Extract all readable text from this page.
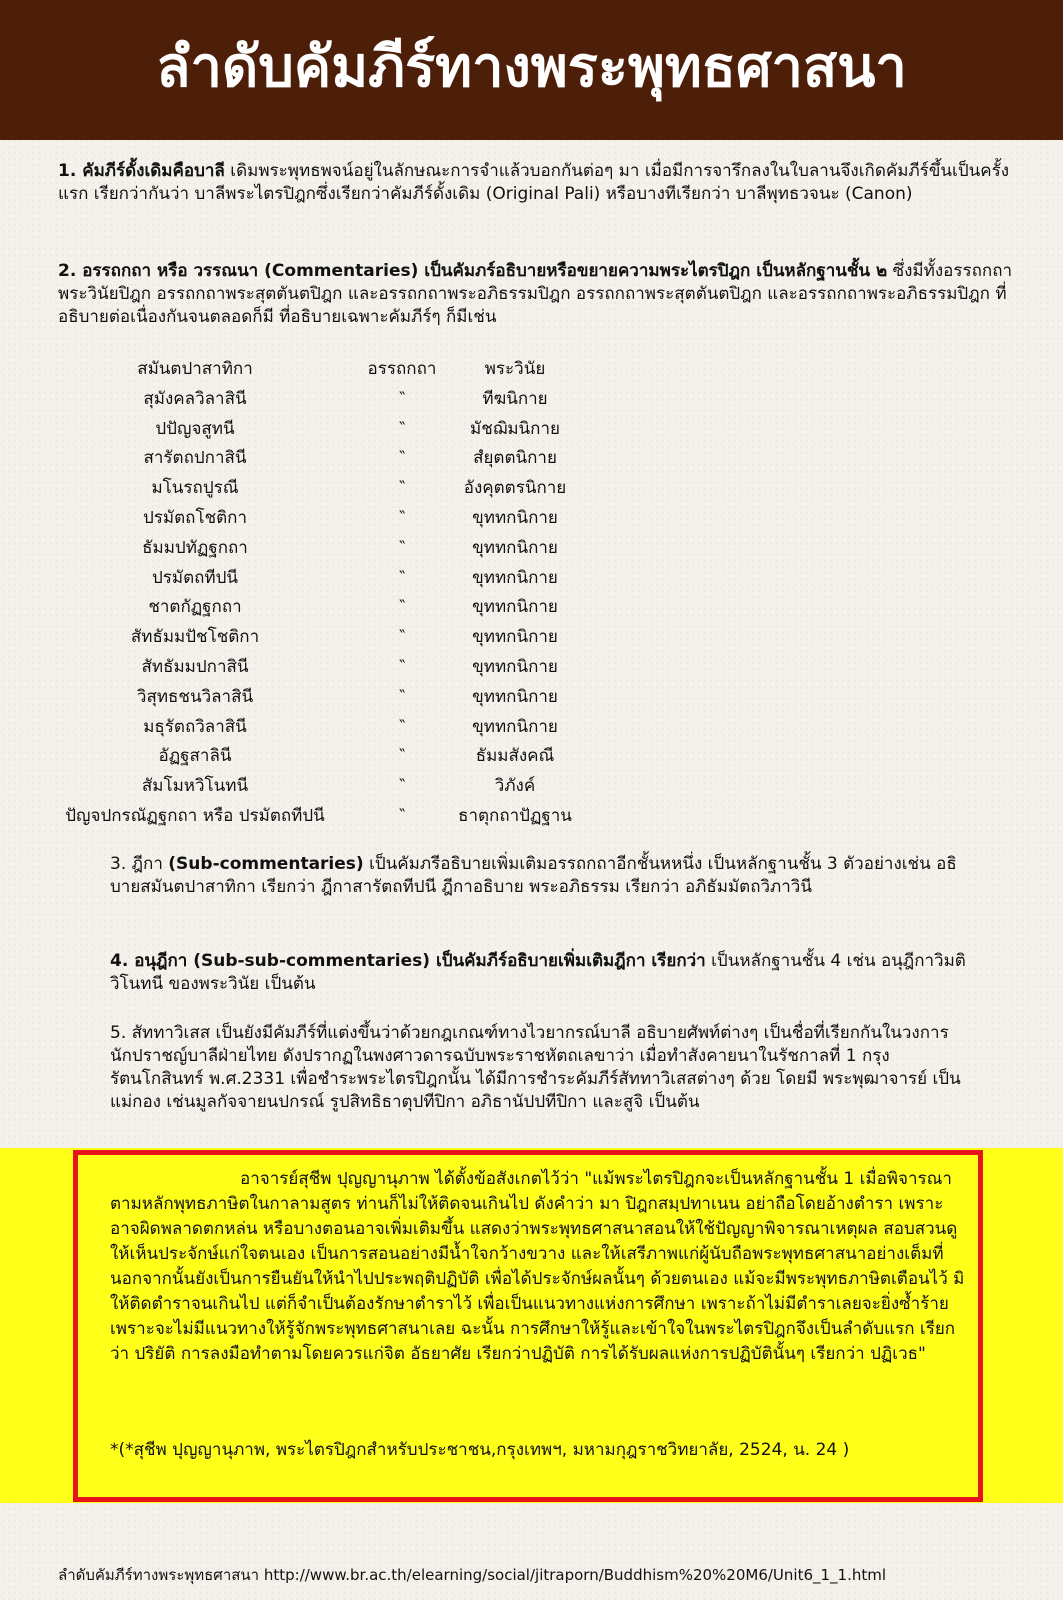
ลำดับคัมภีร์ทางพระพุทธศาสนา

1. คัมภีร์ดั้งเดิมคือบาลี เดิมพระพุทธพจน์อยู่ในลักษณะการจำแล้วบอกกันต่อๆ มา เมื่อมีการจารึกลงในใบลานจึงเกิดคัมภีร์ขึ้นเป็นครั้งแรก เรียกว่ากันว่า บาลีพระไตรปิฎกซึ่งเรียกว่าคัมภีร์ดั้งเดิม (Original Pali) หรือบางทีเรียกว่า บาลีพุทธวจนะ (Canon)

2. อรรถกถา หรือ วรรณนา (Commentaries) เป็นคัมภร์อธิบายหรือขยายความพระไตรปิฎก เป็นหลักฐานชั้น ๒ ซึ่งมีทั้งอรรถกถาพระวินัยปิฎก อรรถกถาพระสุตตันตปิฎก และอรรถกถาพระอภิธรรมปิฎก อรรถกถาพระสุตตันตปิฎก และอรรถกถาพระอภิธรรมปิฎก ที่อธิบายต่อเนื่องกันจนตลอดก็มี ที่อธิบายเฉพาะคัมภีร์ๆ ก็มีเช่น

สมันตปาสาทิกา	อรรถกถา	พระวินัย
สุมังคลวิลาสินี	‶	ทีฆนิกาย
ปปัญจสูทนี	‶	มัชฌิมนิกาย
สารัตถปกาสินี	‶	สํยุตตนิกาย
มโนรถปูรณี	‶	อังคุตตรนิกาย
ปรมัตถโชติกา	‶	ขุททกนิกาย
ธัมมปทัฏฐกถา	‶	ขุททกนิกาย
ปรมัตถทีปนี	‶	ขุททกนิกาย
ชาตกัฏฐกถา	‶	ขุททกนิกาย
สัทธัมมปัชโชติกา	‶	ขุททกนิกาย
สัทธัมมปกาสินี	‶	ขุททกนิกาย
วิสุทธชนวิลาสินี	‶	ขุททกนิกาย
มธุรัตถวิลาสินี	‶	ขุททกนิกาย
อัฏฐสาลินี	‶	ธัมมสังคณี
สัมโมหวิโนทนี	‶	วิภังค์
ปัญจปกรณัฏฐกถา หรือ ปรมัตถทีปนี	‶	ธาตุกถาปัฏฐาน

3. ฎีกา (Sub-commentaries) เป็นคัมภรีอธิบายเพิ่มเติมอรรถกถาอีกชั้นหหนึ่ง เป็นหลักฐานชั้น 3 ตัวอย่างเช่น อธิบายสมันตปาสาทิกา เรียกว่า ฎีกาสารัตถทีปนี ฎีกาอธิบาย พระอภิธรรม เรียกว่า อภิธัมมัตถวิภาวินี

4. อนุฎีกา (Sub-sub-commentaries) เป็นคัมภีร์อธิบายเพิ่มเติมฎีกา เรียกว่า เป็นหลักฐานชั้น 4 เช่น อนุฎีกาวิมติวิโนทนี ของพระวินัย เป็นต้น

5. สัททาวิเสส เป็นยังมีคัมภีร์ที่แต่งขึ้นว่าด้วยกฎเกณฑ์ทางไวยากรณ์บาลี อธิบายศัพท์ต่างๆ เป็นชื่อที่เรียกกันในวงการนักปราชญ์บาลีฝ่ายไทย ดังปรากฏในพงศาวดารฉบับพระราชหัตถเลขาว่า เมื่อทำสังคายนาในรัชกาลที่ 1 กรุงรัตนโกสินทร์ พ.ศ.2331 เพื่อชำระพระไตรปิฎกนั้น ได้มีการชำระคัมภีร์สัททาวิเสสต่างๆ ด้วย โดยมี พระพุฒาจารย์ เป็นแม่กอง เช่นมูลกัจจายนปกรณ์ รูปสิทธิธาตุปทีปิกา อภิธานัปปทีปิกา และสูจิ เป็นต้น

อาจารย์สุชีพ ปุญญานุภาพ ได้ตั้งข้อสังเกตไว้ว่า "แม้พระไตรปิฎกจะเป็นหลักฐานชั้น 1 เมื่อพิจารณาตามหลักพุทธภาษิตในกาลามสูตร ท่านก็ไม่ให้ติดจนเกินไป ดังคำว่า มา ปิฎกสมฺปทาเนน อย่าถือโดยอ้างตำรา เพราะอาจผิดพลาดตกหล่น หรือบางตอนอาจเพิ่มเติมขึ้น แสดงว่าพระพุทธศาสนาสอนให้ใช้ปัญญาพิจารณาเหตุผล สอบสวนดูให้เห็นประจักษ์แก่ใจตนเอง เป็นการสอนอย่างมีน้ำใจกว้างขวาง และให้เสรีภาพแก่ผู้นับถือพระพุทธศาสนาอย่างเต็มที่ นอกจากนั้นยังเป็นการยืนยันให้นำไปประพฤติปฏิบัติ เพื่อได้ประจักษ์ผลนั้นๆ ด้วยตนเอง แม้จะมีพระพุทธภาษิตเตือนไว้ มิให้ติดตำราจนเกินไป แต่ก็จำเป็นต้องรักษาตำราไว้ เพื่อเป็นแนวทางแห่งการศึกษา เพราะถ้าไม่มีตำราเลยจะยิ่งซ้ำร้าย เพราะจะไม่มีแนวทางให้รู้จักพระพุทธศาสนาเลย ฉะนั้น การศึกษาให้รู้และเข้าใจในพระไตรปิฎกจึงเป็นลำดับแรก เรียกว่า ปริยัติ การลงมือทำตามโดยควรแก่จิต อัธยาศัย เรียกว่าปฏิบัติ การได้รับผลแห่งการปฏิบัตินั้นๆ เรียกว่า ปฏิเวธ"

*(*สุชีพ ปุญญานุภาพ, พระไตรปิฎกสำหรับประชาชน,กรุงเทพฯ, มหามกุฎราชวิทยาลัย, 2524, น. 24 )

ลำดับคัมภีร์ทางพระพุทธศาสนา http://www.br.ac.th/elearning/social/jitraporn/Buddhism%20%20M6/Unit6_1_1.html
